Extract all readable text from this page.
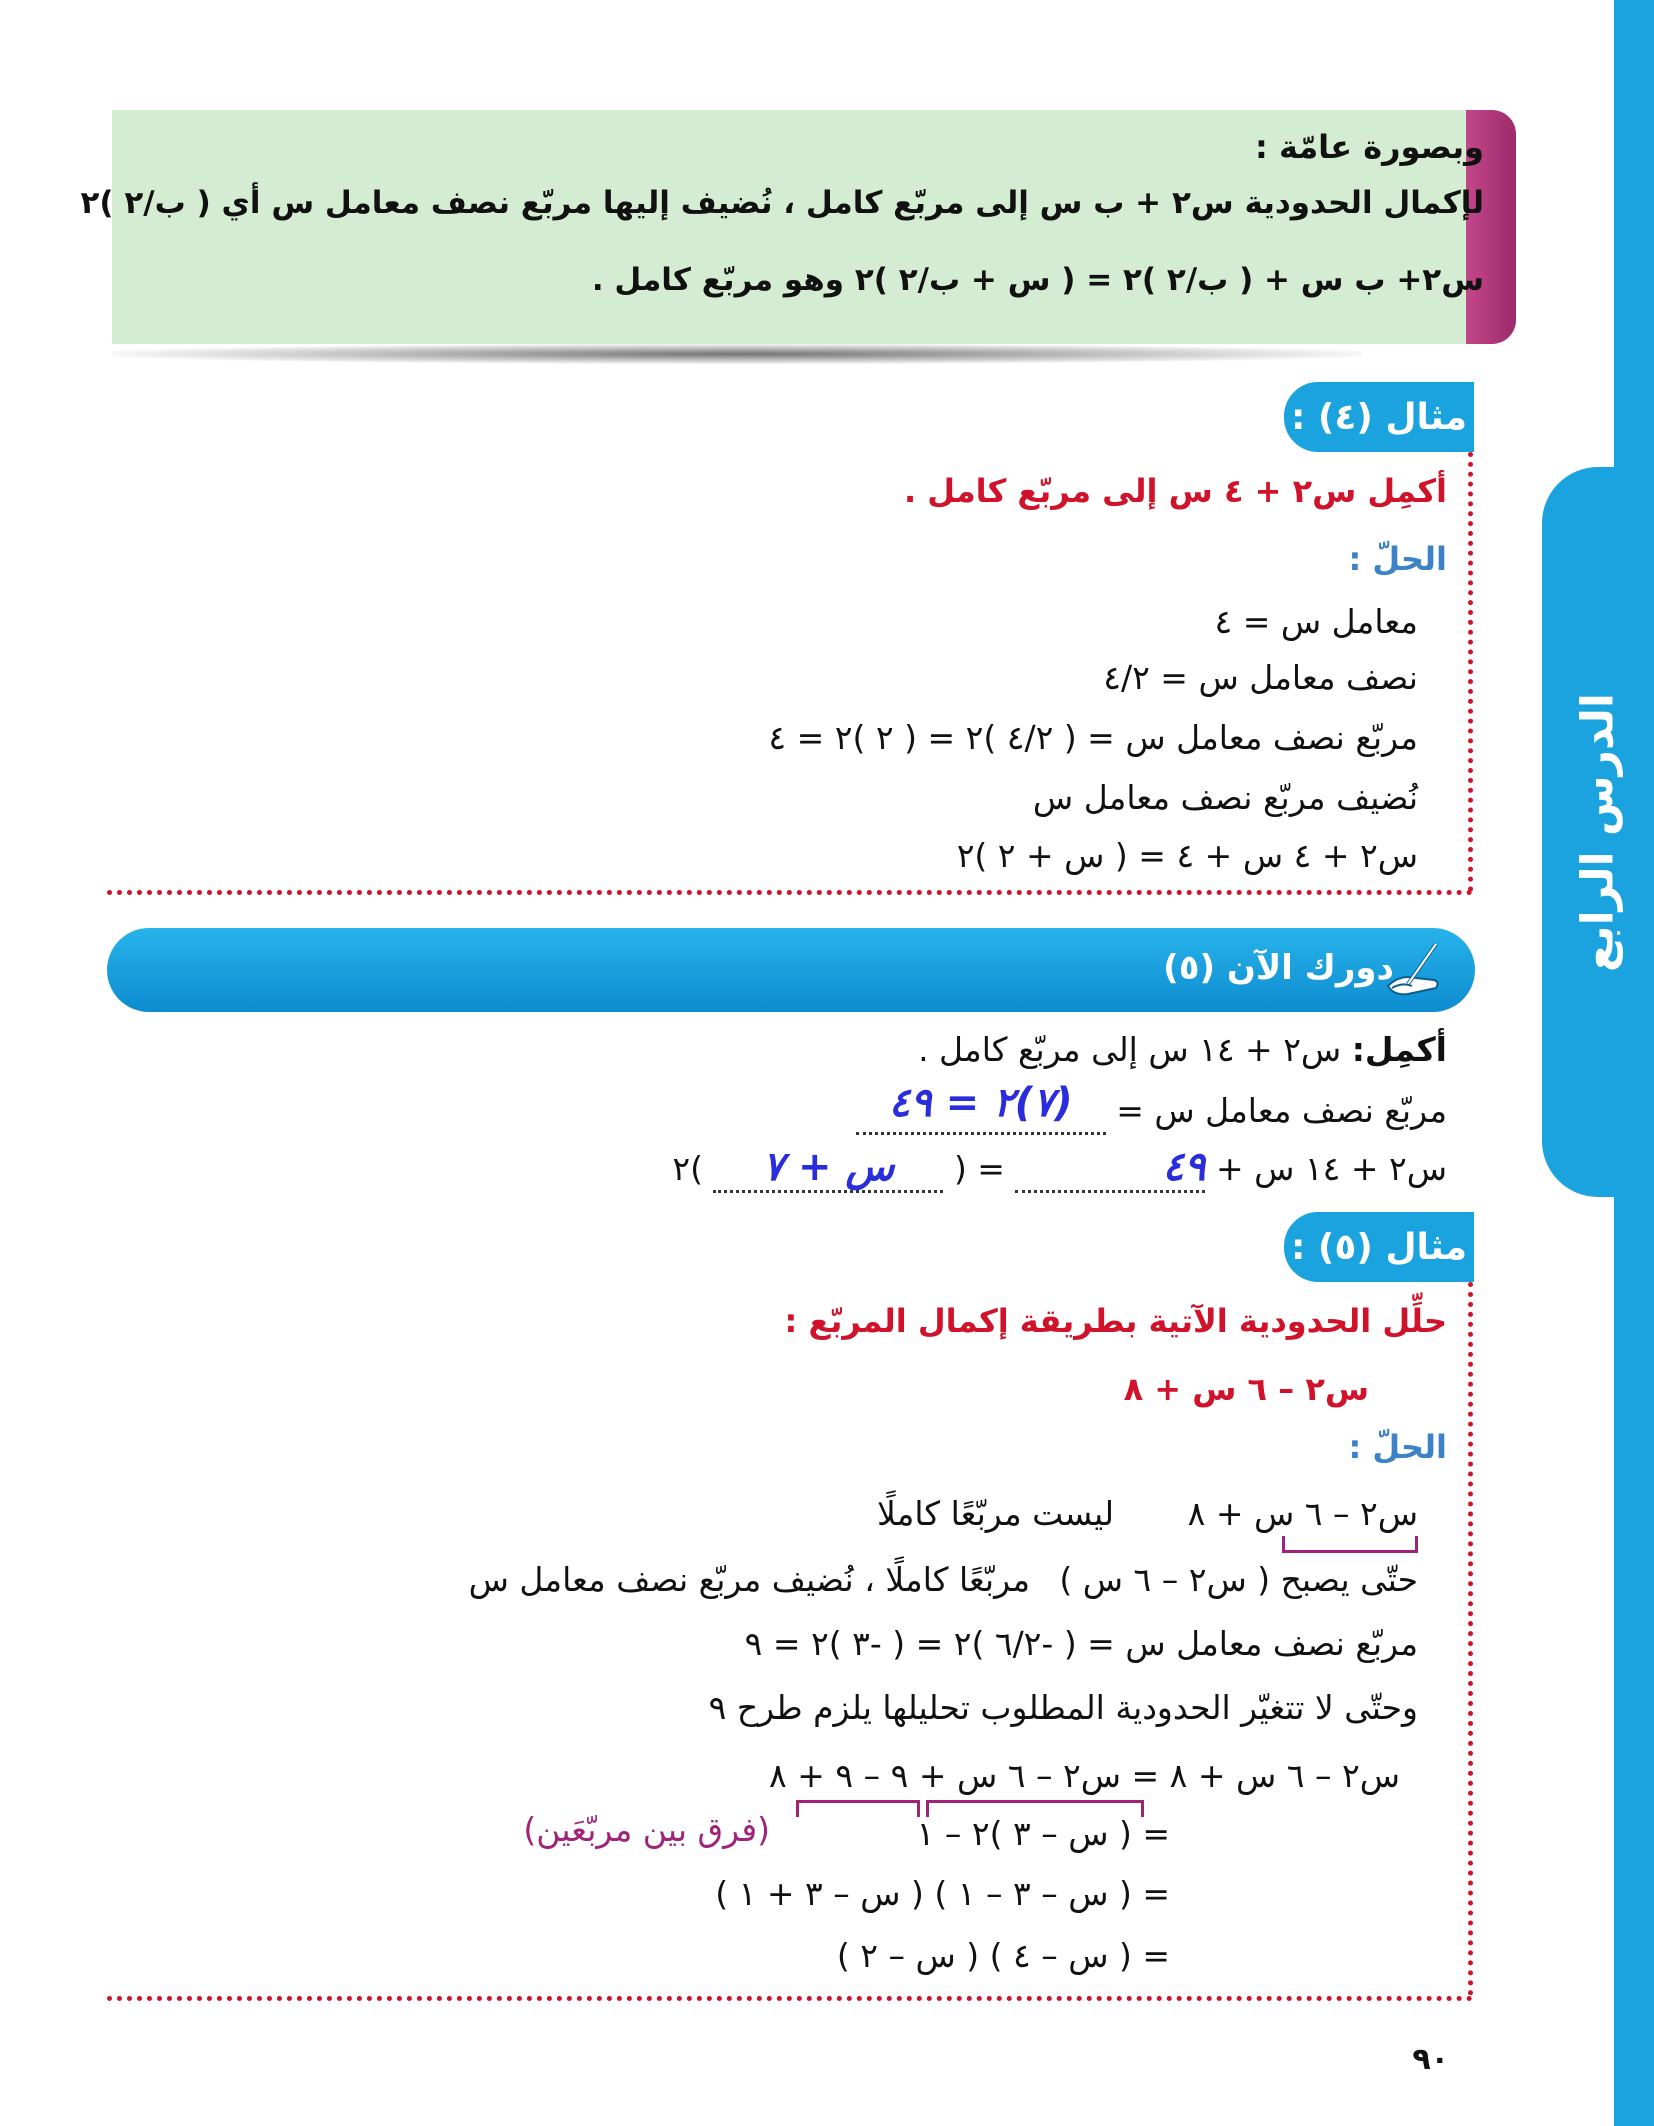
الدرس الرابع
وبصورة عامّة :
لإكمال الحدودية س٢ + ب س إلى مربّع كامل ، نُضيف إليها مربّع نصف معامل س أي ( ب/٢ )٢
س٢+ ب س + ( ب/٢ )٢ = ( س + ب/٢ )٢ وهو مربّع كامل .
مثال (٤) :
أكمِل س٢ + ٤ س إلى مربّع كامل .
الحلّ :
معامل س = ٤
نصف معامل س = ٤/٢
مربّع نصف معامل س = ( ٤/٢ )٢ = ( ٢ )٢ = ٤
نُضيف مربّع نصف معامل س
س٢ + ٤ س + ٤ = ( س + ٢ )٢
دورك الآن (٥)
أكمِل: س٢ + ١٤ س إلى مربّع كامل .
مربّع نصف معامل س = (٧)٢ = ٤٩
س٢ + ١٤ س + ٤٩ = ( س + ٧ )٢
مثال (٥) :
حلِّل الحدودية الآتية بطريقة إكمال المربّع :
س٢ – ٦ س + ٨
الحلّ :
س٢ – ٦ س + ٨
ليست مربّعًا كاملًا
حتّى يصبح ( س٢ – ٦ س )
مربّعًا كاملًا ، نُضيف مربّع نصف معامل س
مربّع نصف معامل س = ( -٦/٢ )٢ = ( -٣ )٢ = ٩
وحتّى لا تتغيّر الحدودية المطلوب تحليلها يلزم طرح ٩
س٢ – ٦ س + ٨ = س٢ – ٦ س + ٩ – ٩ + ٨
= ( س – ٣ )٢ – ١
(فرق بين مربّعَين)
= ( س – ٣ – ١ ) ( س – ٣ + ١ )
= ( س – ٤ ) ( س – ٢ )
٩٠
